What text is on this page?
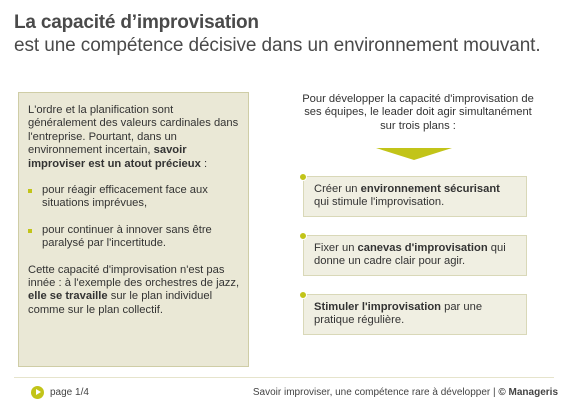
La capacité d’improvisation
est une compétence décisive dans un environnement mouvant.

L'ordre et la planification sont généralement des valeurs cardinales dans l'entreprise. Pourtant, dans un environnement incertain, savoir improviser est un atout précieux :

pour réagir efficacement face aux situations imprévues,
pour continuer à innover sans être paralysé par l'incertitude.

Cette capacité d'improvisation n'est pas innée : à l'exemple des orchestres de jazz, elle se travaille sur le plan individuel comme sur le plan collectif.

Pour développer la capacité d'improvisation de ses équipes, le leader doit agir simultanément sur trois plans :
Créer un environnement sécurisant qui stimule l'improvisation.
Fixer un canevas d'improvisation qui donne un cadre clair pour agir.
Stimuler l'improvisation par une pratique régulière.
page 1/4	Savoir improviser, une compétence rare à développer | © Manageris
